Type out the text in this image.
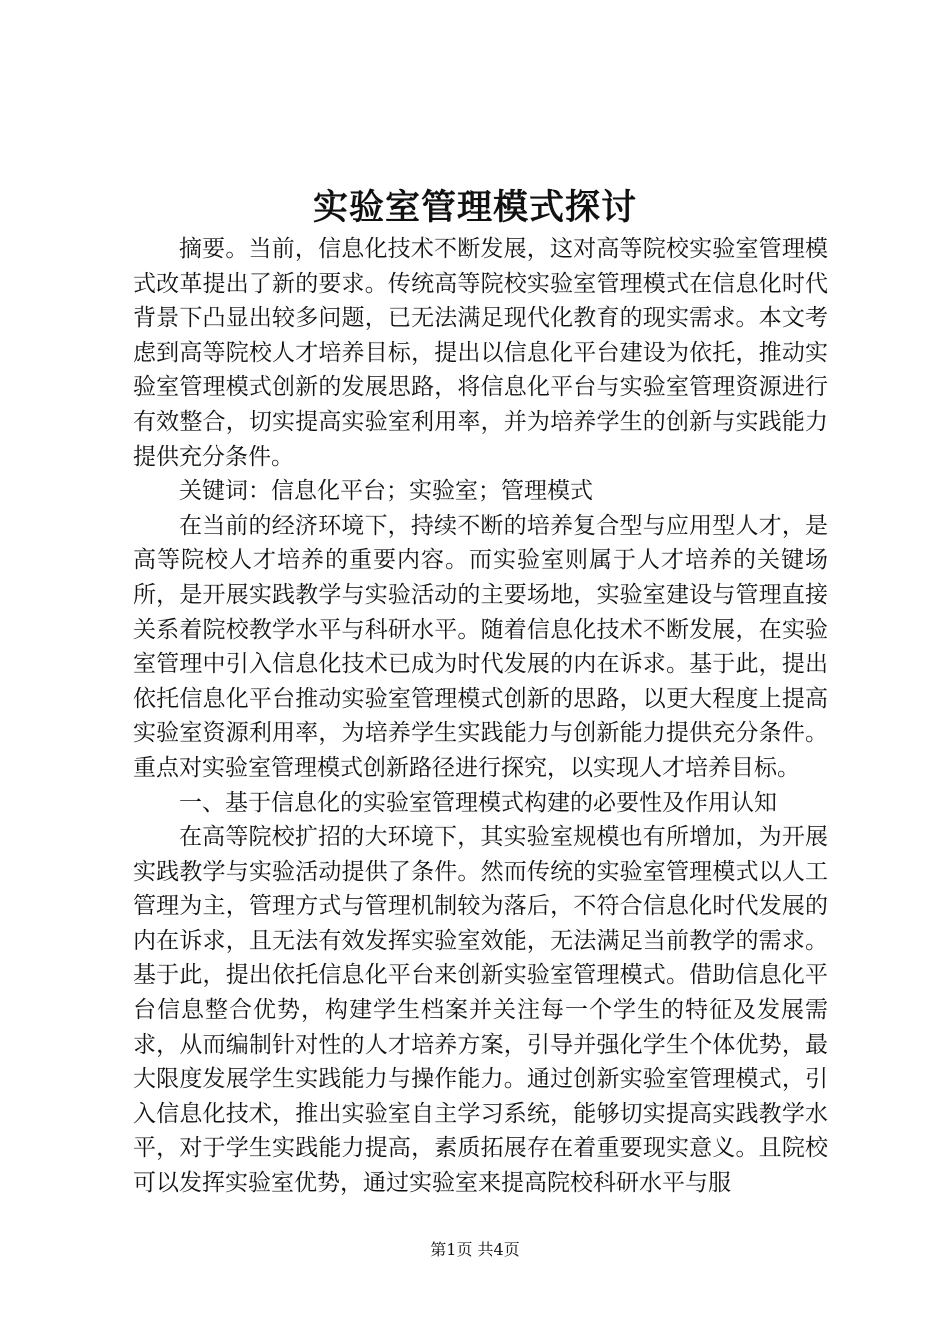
实验室管理模式探讨

摘要。当前，信息化技术不断发展，这对高等院校实验室管理模式改革提出了新的要求。传统高等院校实验室管理模式在信息化时代背景下凸显出较多问题，已无法满足现代化教育的现实需求。本文考虑到高等院校人才培养目标，提出以信息化平台建设为依托，推动实验室管理模式创新的发展思路，将信息化平台与实验室管理资源进行有效整合，切实提高实验室利用率，并为培养学生的创新与实践能力提供充分条件。

关键词：信息化平台；实验室；管理模式

在当前的经济环境下，持续不断的培养复合型与应用型人才，是高等院校人才培养的重要内容。而实验室则属于人才培养的关键场所，是开展实践教学与实验活动的主要场地，实验室建设与管理直接关系着院校教学水平与科研水平。随着信息化技术不断发展，在实验室管理中引入信息化技术已成为时代发展的内在诉求。基于此，提出依托信息化平台推动实验室管理模式创新的思路，以更大程度上提高实验室资源利用率，为培养学生实践能力与创新能力提供充分条件。重点对实验室管理模式创新路径进行探究，以实现人才培养目标。

一、基于信息化的实验室管理模式构建的必要性及作用认知

在高等院校扩招的大环境下，其实验室规模也有所增加，为开展实践教学与实验活动提供了条件。然而传统的实验室管理模式以人工管理为主，管理方式与管理机制较为落后，不符合信息化时代发展的内在诉求，且无法有效发挥实验室效能，无法满足当前教学的需求。基于此，提出依托信息化平台来创新实验室管理模式。借助信息化平台信息整合优势，构建学生档案并关注每一个学生的特征及发展需求，从而编制针对性的人才培养方案，引导并强化学生个体优势，最大限度发展学生实践能力与操作能力。通过创新实验室管理模式，引入信息化技术，推出实验室自主学习系统，能够切实提高实践教学水平，对于学生实践能力提高，素质拓展存在着重要现实意义。且院校可以发挥实验室优势，通过实验室来提高院校科研水平与服

第1页 共4页
